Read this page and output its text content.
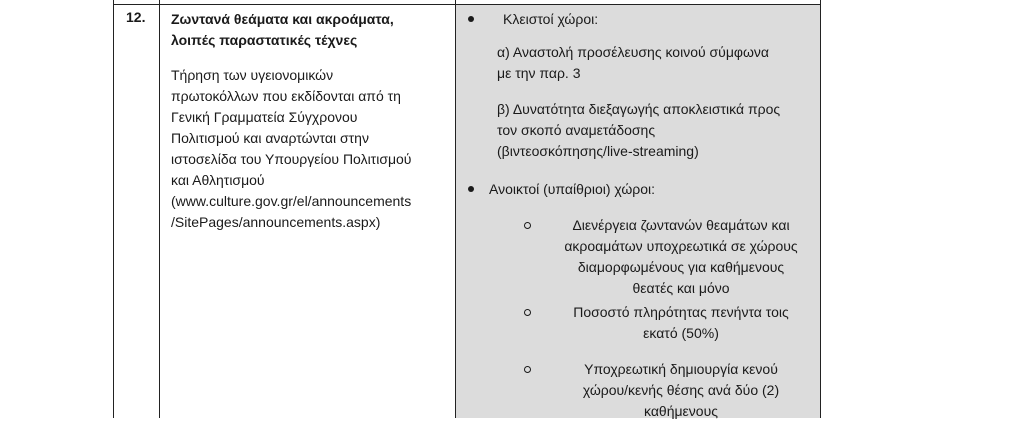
12. Ζωντανά θεάματα και ακροάματα,
λοιπές παραστατικές τέχνες
Τήρηση των υγειονομικών
πρωτοκόλλων που εκδίδονται από τη
Γενική Γραμματεία Σύγχρονου
Πολιτισμού και αναρτώνται στην
ιστοσελίδα του Υπουργείου Πολιτισμού
και Αθλητισμού
(www.culture.gov.gr/el/announcements
/SitePages/announcements.aspx)
Κλειστοί χώροι:
α) Αναστολή προσέλευσης κοινού σύμφωνα
με την παρ. 3
β) Δυνατότητα διεξαγωγής αποκλειστικά προς
τον σκοπό αναμετάδοσης
(βιντεοσκόπησης/live-streaming)
Ανοικτοί (υπαίθριοι) χώροι:
Διενέργεια ζωντανών θεαμάτων και
ακροαμάτων υποχρεωτικά σε χώρους
διαμορφωμένους για καθήμενους
θεατές και μόνο
Ποσοστό πληρότητας πενήντα τοις
εκατό (50%)
Υποχρεωτική δημιουργία κενού
χώρου/κενής θέσης ανά δύο (2)
καθήμενους
